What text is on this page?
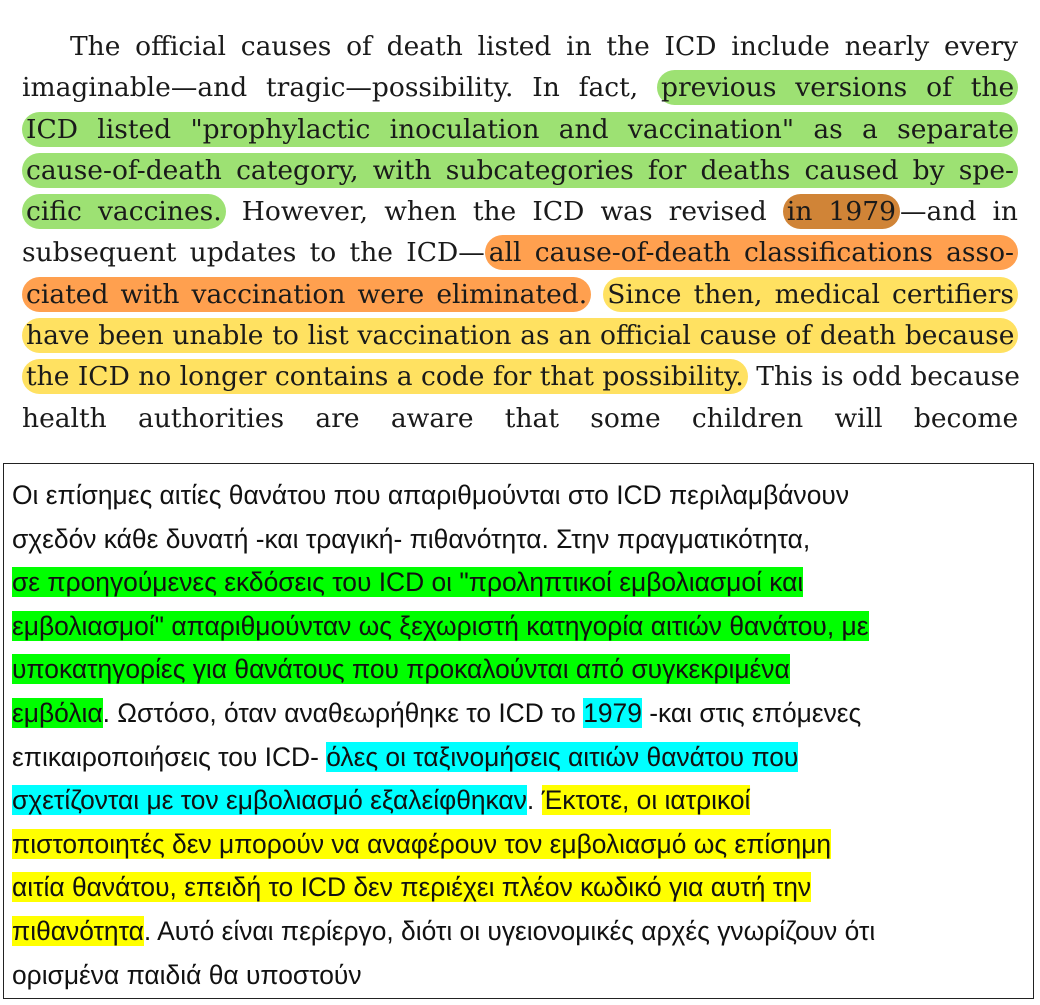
The official causes of death listed in the ICD include nearly every
imaginable—and tragic—possibility. In fact, previous versions of the
ICD listed "prophylactic inoculation and vaccination" as a separate
cause-of-death category, with subcategories for deaths caused by spe-
cific vaccines. However, when the ICD was revised in 1979 —and in
subsequent updates to the ICD— all cause-of-death classifications asso-
ciated with vaccination were eliminated. Since then, medical certifiers
have been unable to list vaccination as an official cause of death because
the ICD no longer contains a code for that possibility. This is odd because
health authorities are aware that some children will become
Οι επίσημες αιτίες θανάτου που απαριθμούνται στο ICD περιλαμβάνουν
σχεδόν κάθε δυνατή -και τραγική- πιθανότητα. Στην πραγματικότητα,
σε προηγούμενες εκδόσεις του ICD οι "προληπτικοί εμβολιασμοί και
εμβολιασμοί" απαριθμούνταν ως ξεχωριστή κατηγορία αιτιών θανάτου, με
υποκατηγορίες για θανάτους που προκαλούνται από συγκεκριμένα
εμβόλια. Ωστόσο, όταν αναθεωρήθηκε το ICD το 1979 -και στις επόμενες
επικαιροποιήσεις του ICD- όλες οι ταξινομήσεις αιτιών θανάτου που
σχετίζονται με τον εμβολιασμό εξαλείφθηκαν. Έκτοτε, οι ιατρικοί
πιστοποιητές δεν μπορούν να αναφέρουν τον εμβολιασμό ως επίσημη
αιτία θανάτου, επειδή το ICD δεν περιέχει πλέον κωδικό για αυτή την
πιθανότητα. Αυτό είναι περίεργο, διότι οι υγειονομικές αρχές γνωρίζουν ότι
ορισμένα παιδιά θα υποστούν
